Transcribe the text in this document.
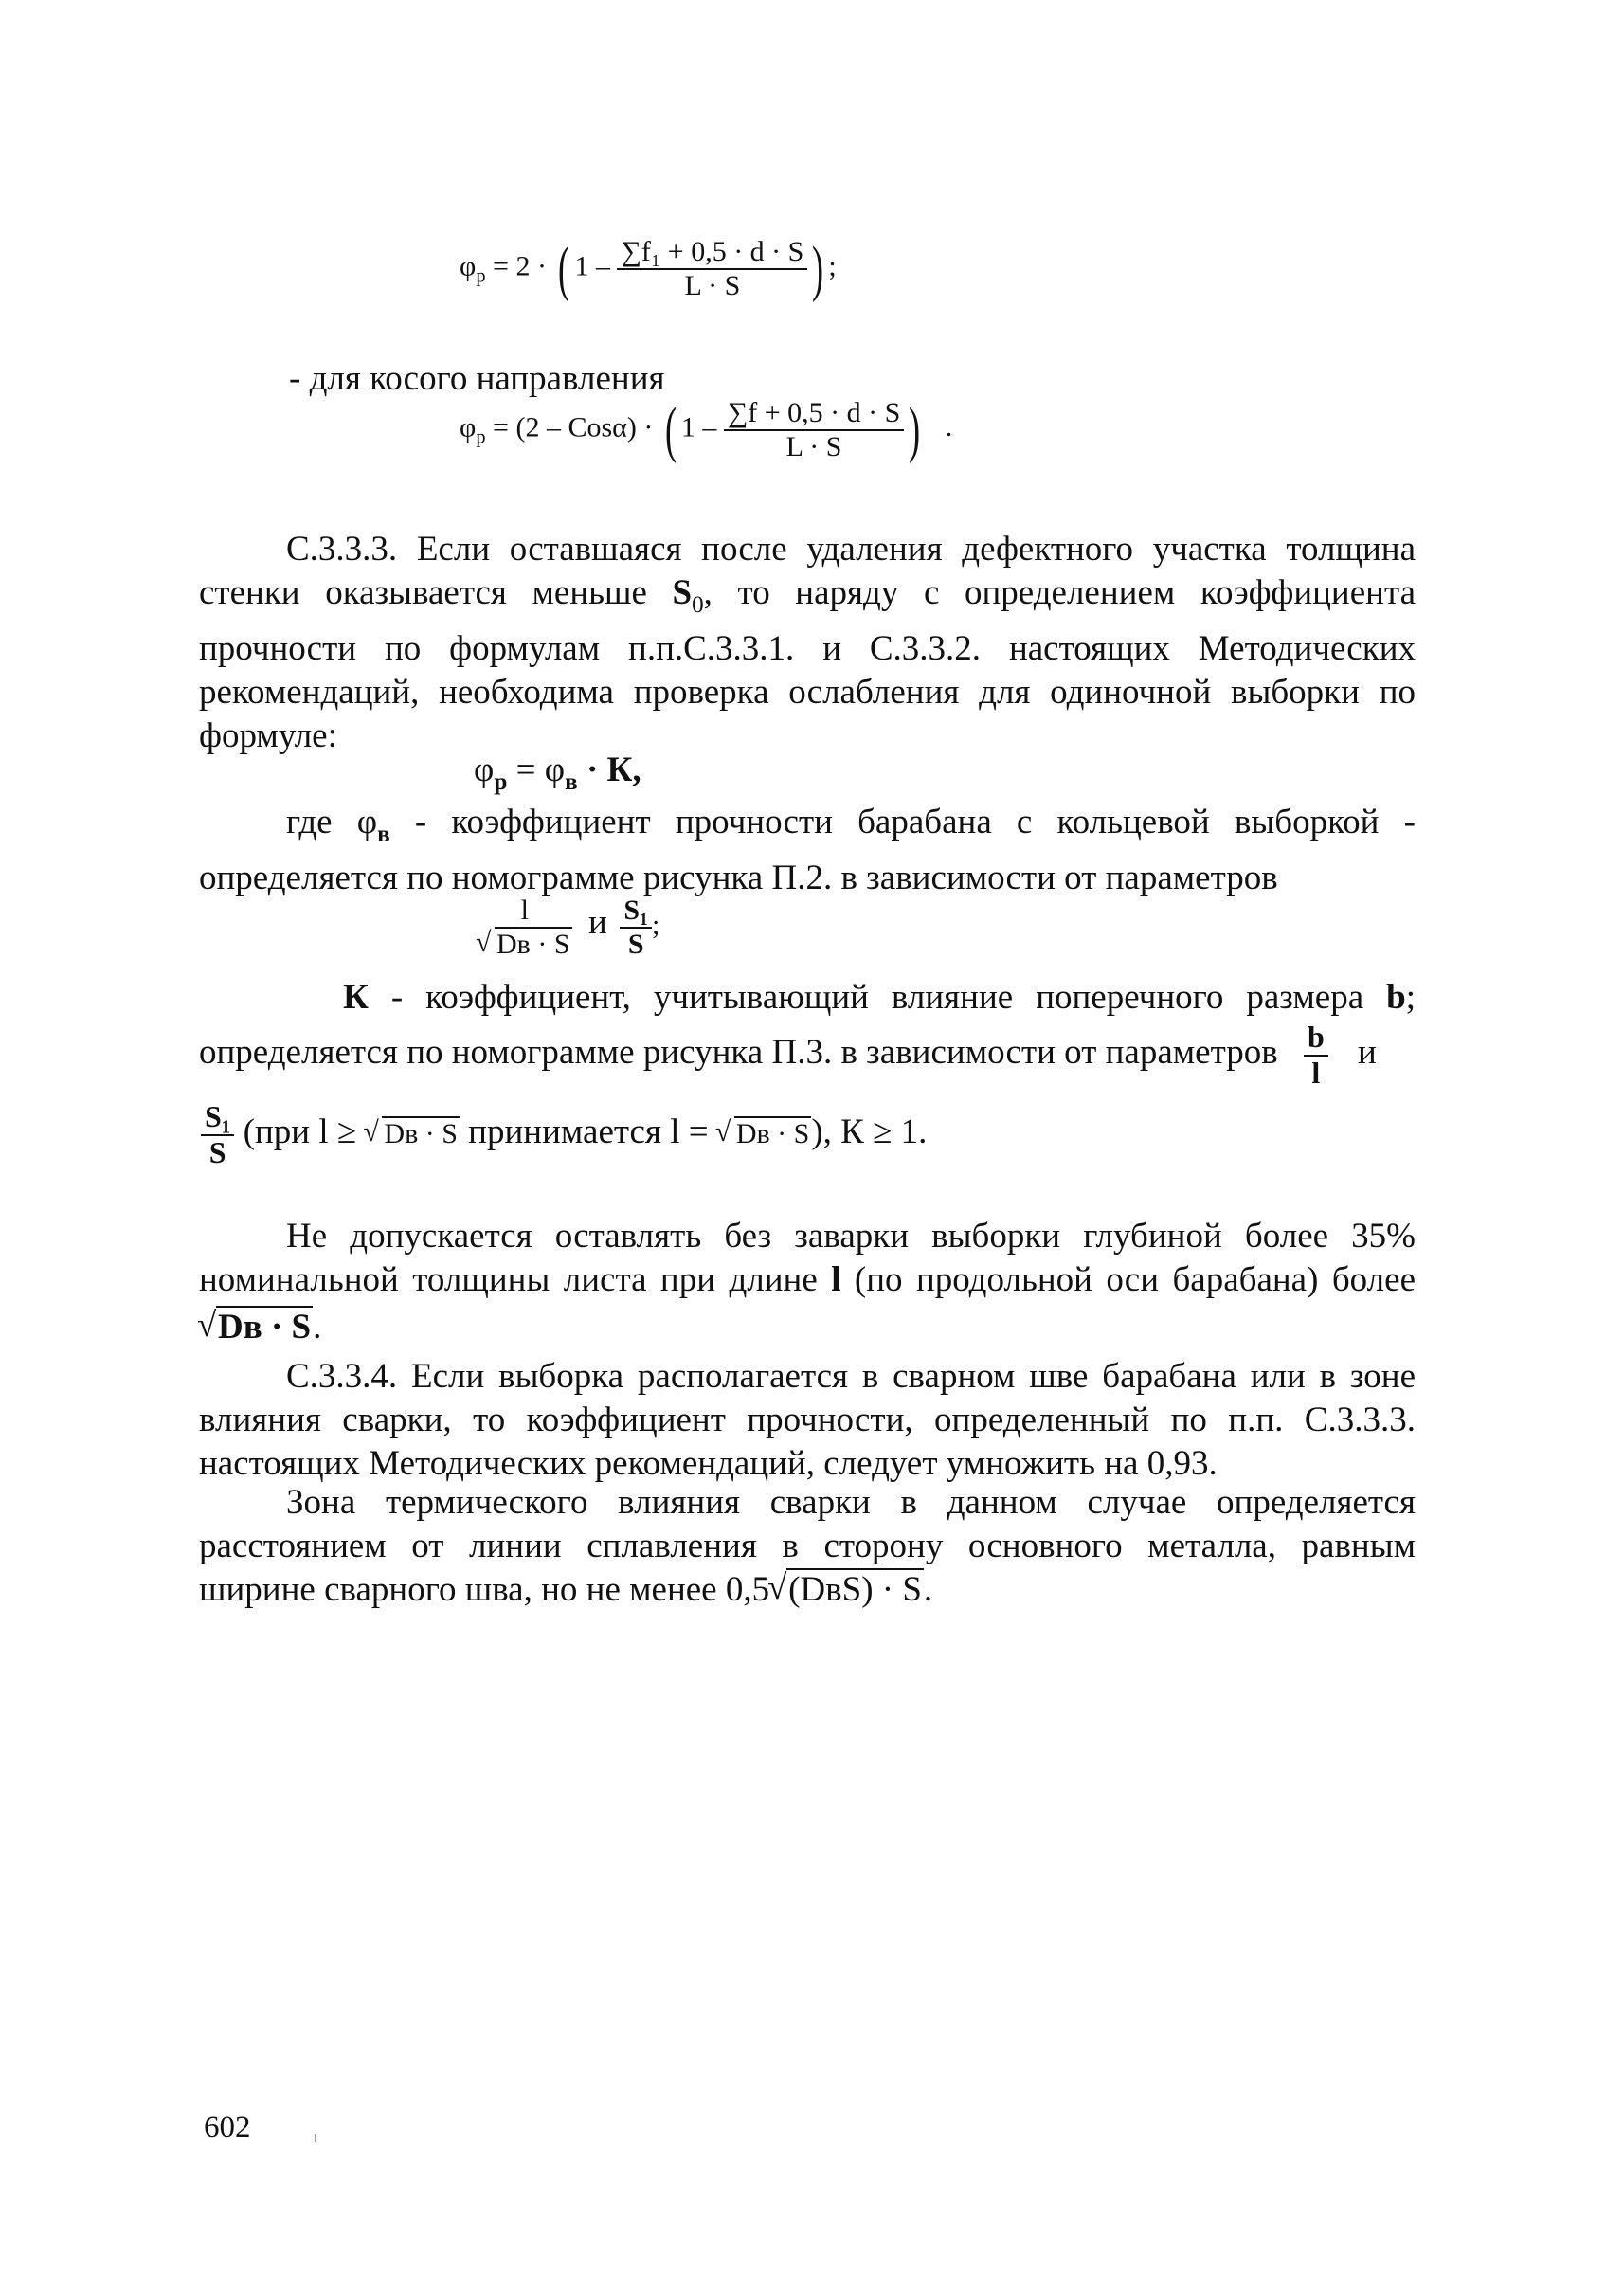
$\varphi_р = 2$ · ( $1 - \frac{\text{∑f₁ + 0,5 · d · S}}{L \cdot S}$ ) ;
- для косого направления
$\varphi_р = (2 - Cos\alpha)$ · ( $1 - \frac{\sum f + 0,5 \cdot d \cdot S}{L \cdot S}$ ) .
С.3.3.3. Если оставшаяся после удаления дефектного участка толщина
стенки оказывается меньше $S_0$, то наряду с определением коэффициента
прочности по формулам п.п.С.3.3.1. и С.3.3.2. настоящих Методических
рекомендаций, необходима проверка ослабления для одиночной выборки по
формуле:
$\varphi_р = \varphi_в \cdot К$,
где $\varphi_в$ - коэффициент прочности барабана с кольцевой выборкой -
определяется по номограмме рисунка П.2. в зависимости от параметров
l
√ Dв · S и $\frac{\text{S₁}}{S}$ ;
К - коэффициент, учитывающий влияние поперечного размера b;
определяется по номограмме рисунка П.3. в зависимости от параметров $\frac{b}{l}$ и
$\frac{\text{S₁}}{S} (при$ l ≥ √ Dв · S принимается l = √ Dв · S), К ≥ 1.
Не допускается оставлять без заварки выборки глубиной более 35%
номинальной толщины листа при длине l (по продольной оси барабана) более
√ Dв · S.
С.3.3.4. Если выборка располагается в сварном шве барабана или в зоне
влияния сварки, то коэффициент прочности, определенный по п.п. С.3.3.3.
настоящих Методических рекомендаций, следует умножить на 0,93.
Зона термического влияния сварки в данном случае определяется
расстоянием от линии сплавления в сторону основного металла, равным
ширине сварного шва, но не менее 0,5√ (DвS) · S.
602
